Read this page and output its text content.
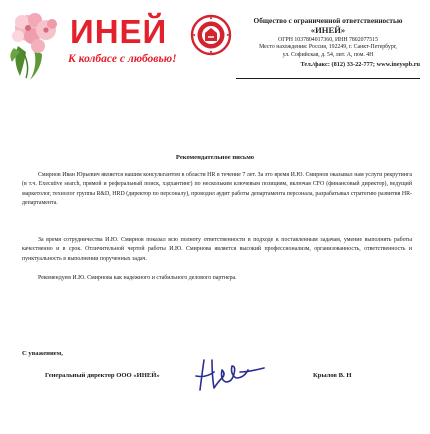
ИНЕЙ
К колбасе с любовью!
Общество с ограниченной ответственностью
«ИНЕЙ»
ОГРН 1037804017360, ИНН 7802077515
Место нахождения: Россия, 192249, г. Санкт-Петербург,
ул. Софийская, д. 54, лит. А, пом. 4Н
Тел./факс: (812) 33-22-777; www.ineyspb.ru
Рекомендательное письмо

Смирнов Иван Юрьевич является нашим консультантом в области HR в течение 7 лет. За это время И.Ю. Смирнов оказывал нам услуги рекрутинга (в т.ч. Executive search, прямой и реферальный поиск, хэдхантинг) по нескольким ключевым позициям, включая CFO (финансовый директор), ведущий маркетолог, технолог группы R&D, HRD (директор по персоналу), проводил аудит работы департамента персонала, разрабатывал стратегию развития HR-департамента.

За время сотрудничества И.Ю. Смирнов показал всю полноту ответственности в подходе к поставленным задачам, умение выполнять работы качественно и в срок. Отличительной чертой работы И.Ю. Смирнова является высокий профессионализм, организованность, ответственность и пунктуальность в выполнении порученных задач.

Рекомендуем И.Ю. Смирнова как надежного и стабильного делового партнера.

С уважением,
Генеральный директор ООО «ИНЕЙ»	Крылов В. Н
